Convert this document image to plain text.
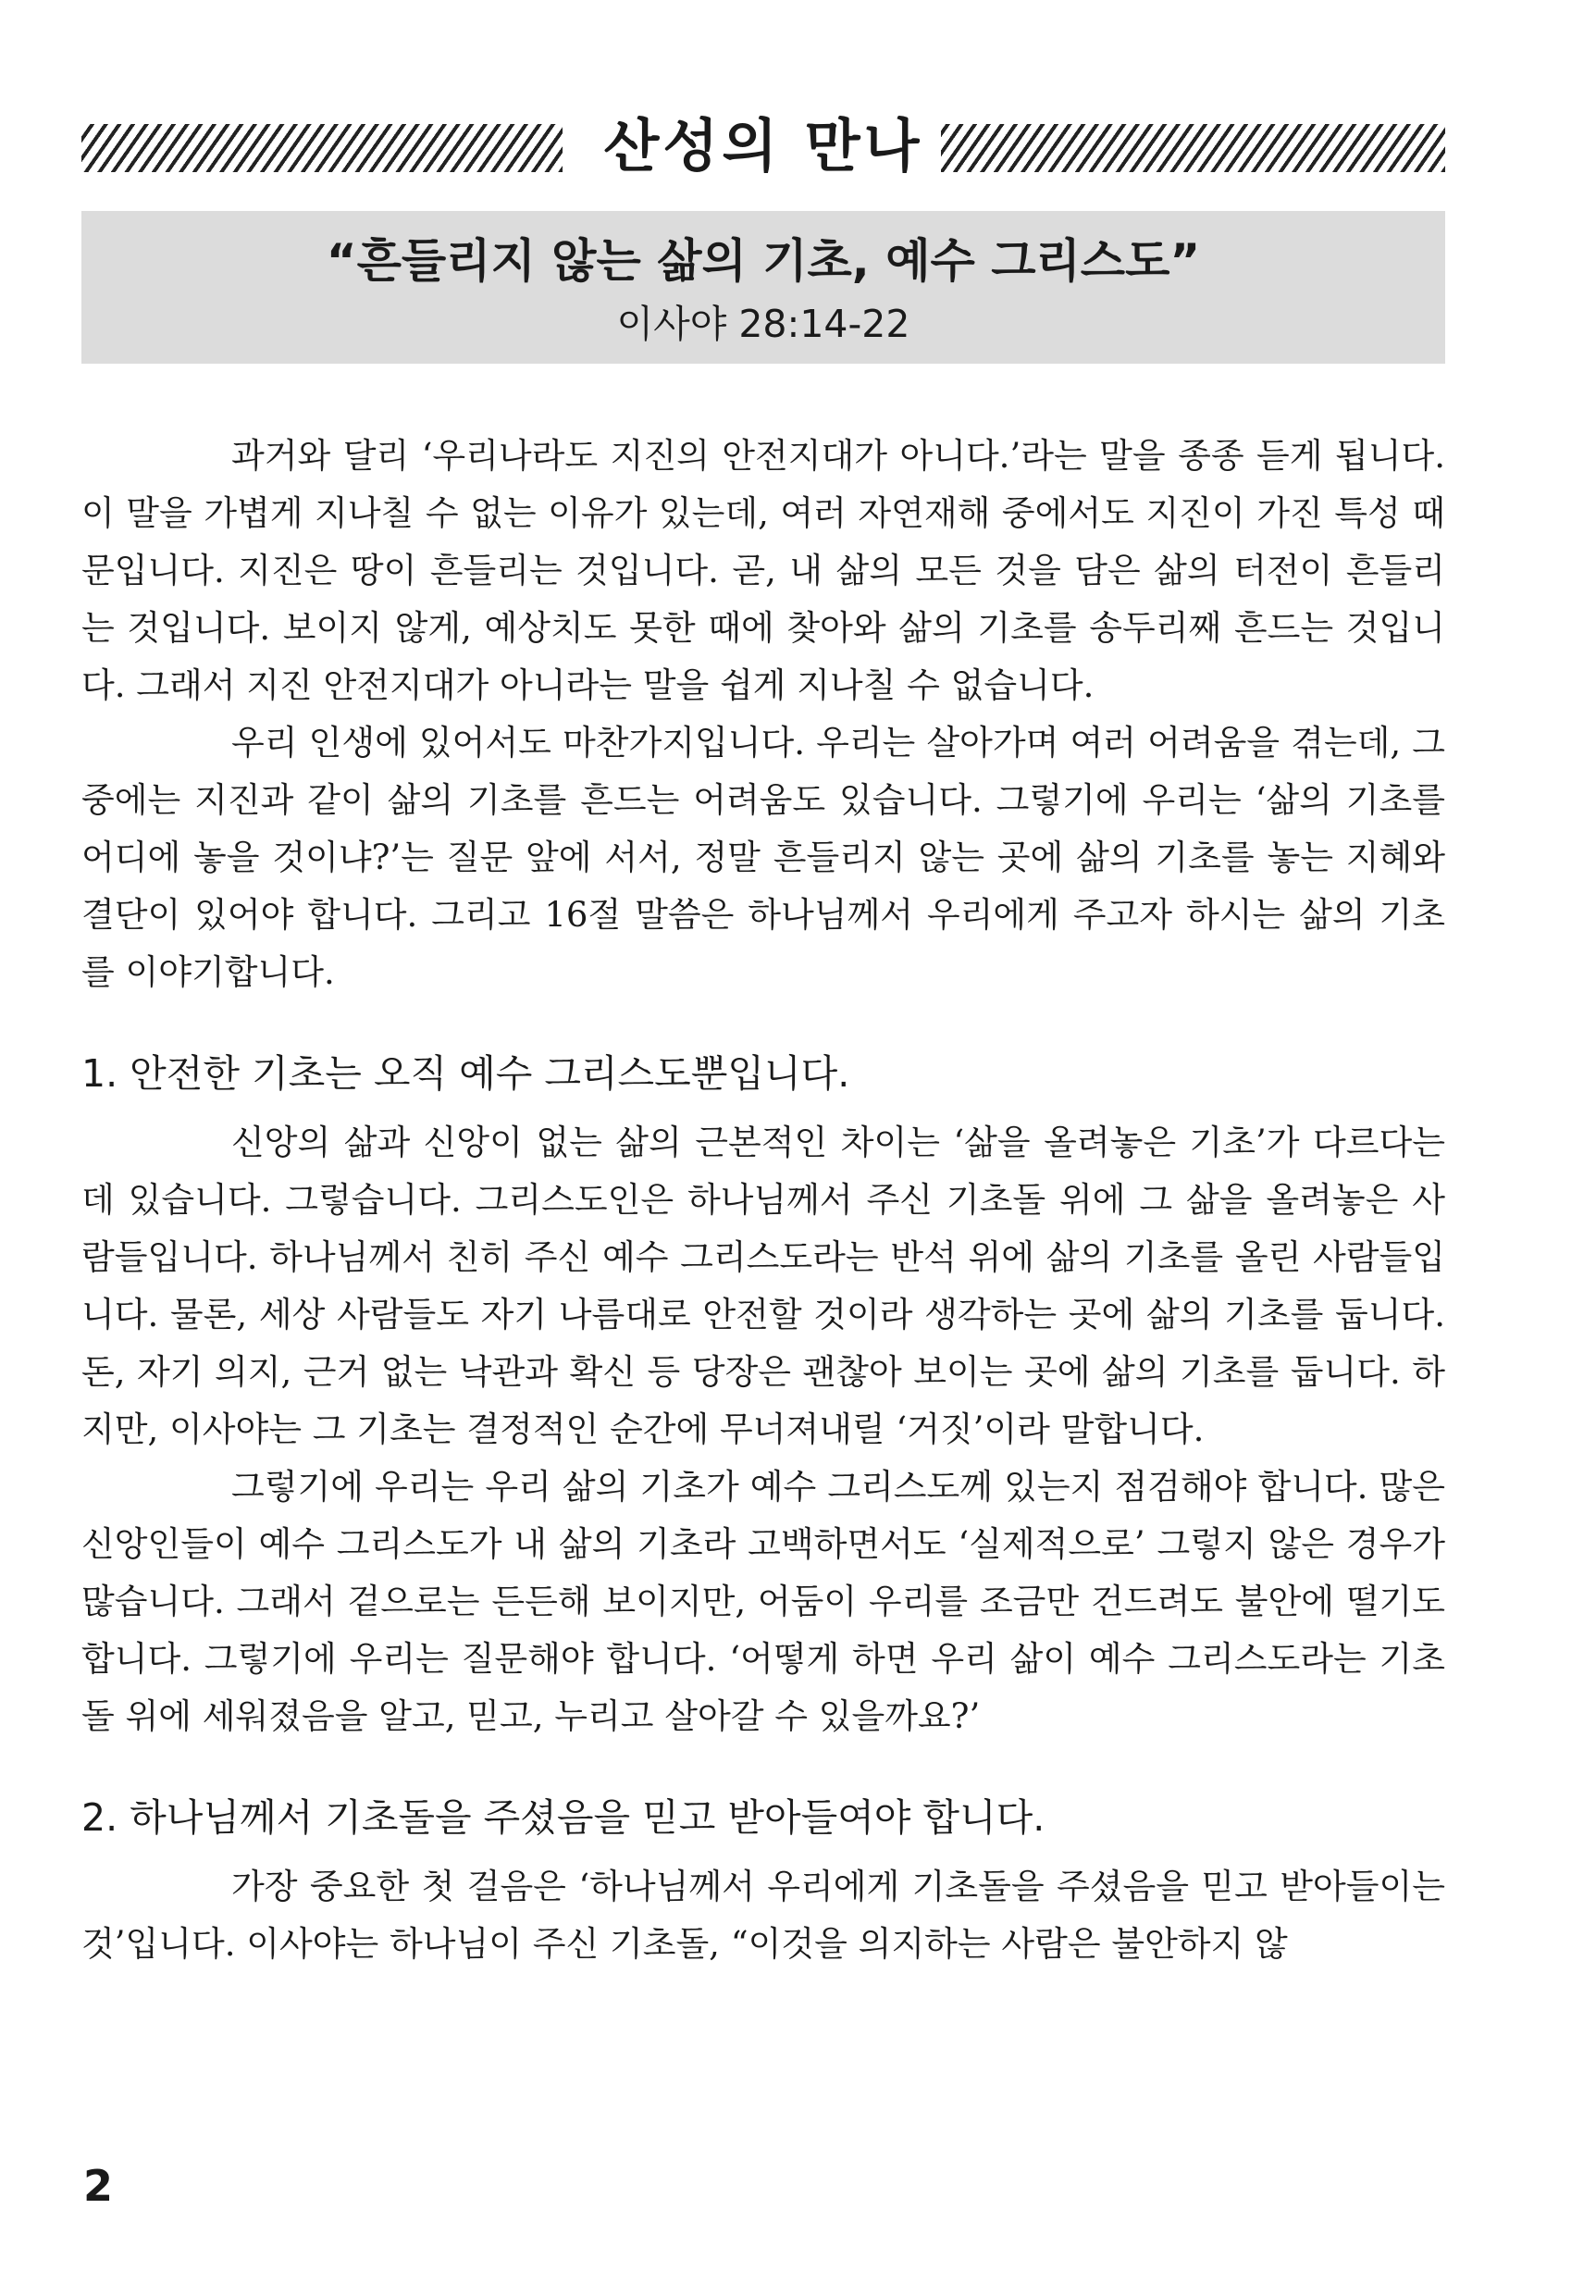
산성의 만나
“흔들리지 않는 삶의 기초, 예수 그리스도”
이사야 28:14-22

과거와 달리 ‘우리나라도 지진의 안전지대가 아니다.’라는 말을 종종 듣게 됩니다. 이 말을 가볍게 지나칠 수 없는 이유가 있는데, 여러 자연재해 중에서도 지진이 가진 특성 때문입니다. 지진은 땅이 흔들리는 것입니다. 곧, 내 삶의 모든 것을 담은 삶의 터전이 흔들리는 것입니다. 보이지 않게, 예상치도 못한 때에 찾아와 삶의 기초를 송두리째 흔드는 것입니다. 그래서 지진 안전지대가 아니라는 말을 쉽게 지나칠 수 없습니다.

우리 인생에 있어서도 마찬가지입니다. 우리는 살아가며 여러 어려움을 겪는데, 그중에는 지진과 같이 삶의 기초를 흔드는 어려움도 있습니다. 그렇기에 우리는 ‘삶의 기초를 어디에 놓을 것이냐?’는 질문 앞에 서서, 정말 흔들리지 않는 곳에 삶의 기초를 놓는 지혜와 결단이 있어야 합니다. 그리고 16절 말씀은 하나님께서 우리에게 주고자 하시는 삶의 기초를 이야기합니다.

1. 안전한 기초는 오직 예수 그리스도뿐입니다.

신앙의 삶과 신앙이 없는 삶의 근본적인 차이는 ‘삶을 올려놓은 기초’가 다르다는 데 있습니다. 그렇습니다. 그리스도인은 하나님께서 주신 기초돌 위에 그 삶을 올려놓은 사람들입니다. 하나님께서 친히 주신 예수 그리스도라는 반석 위에 삶의 기초를 올린 사람들입니다. 물론, 세상 사람들도 자기 나름대로 안전할 것이라 생각하는 곳에 삶의 기초를 둡니다. 돈, 자기 의지, 근거 없는 낙관과 확신 등 당장은 괜찮아 보이는 곳에 삶의 기초를 둡니다. 하지만, 이사야는 그 기초는 결정적인 순간에 무너져내릴 ‘거짓’이라 말합니다.

그렇기에 우리는 우리 삶의 기초가 예수 그리스도께 있는지 점검해야 합니다. 많은 신앙인들이 예수 그리스도가 내 삶의 기초라 고백하면서도 ‘실제적으로’ 그렇지 않은 경우가 많습니다. 그래서 겉으로는 든든해 보이지만, 어둠이 우리를 조금만 건드려도 불안에 떨기도 합니다. 그렇기에 우리는 질문해야 합니다. ‘어떻게 하면 우리 삶이 예수 그리스도라는 기초돌 위에 세워졌음을 알고, 믿고, 누리고 살아갈 수 있을까요?’

2. 하나님께서 기초돌을 주셨음을 믿고 받아들여야 합니다.

가장 중요한 첫 걸음은 ‘하나님께서 우리에게 기초돌을 주셨음을 믿고 받아들이는 것’입니다. 이사야는 하나님이 주신 기초돌, “이것을 의지하는 사람은 불안하지 않

2
